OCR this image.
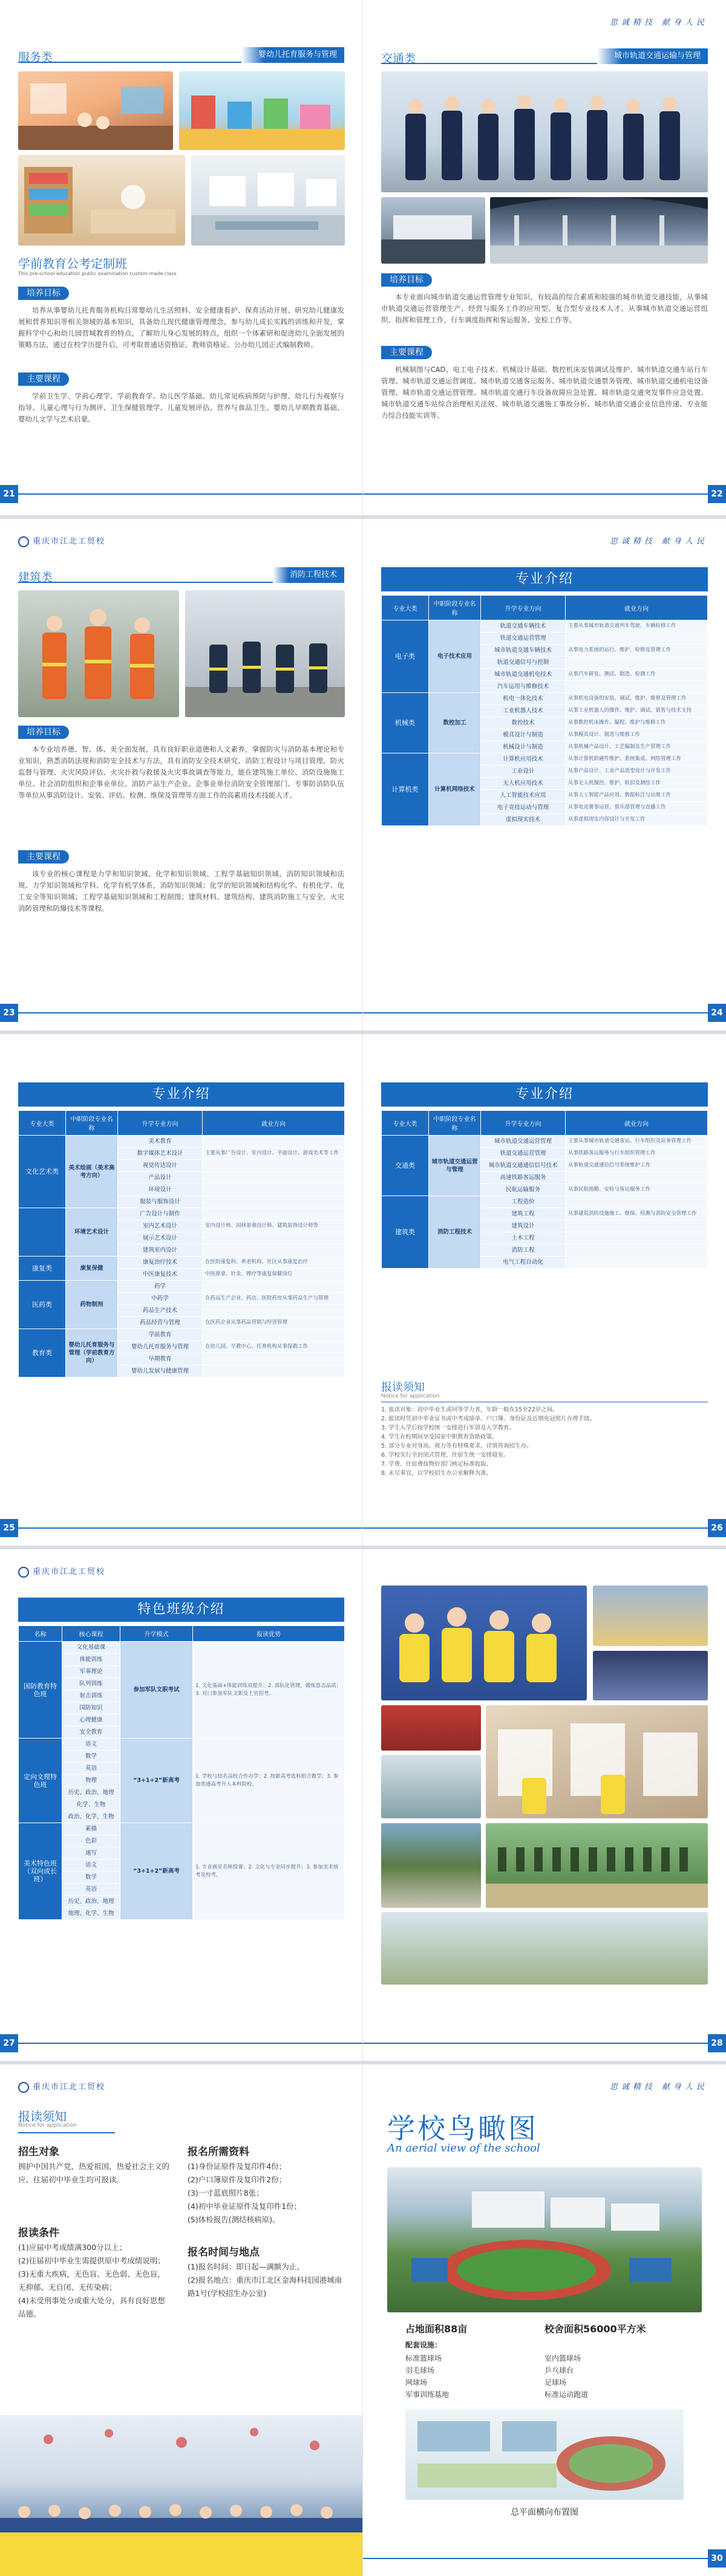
服务类	婴幼儿托育服务与管理
学前教育公考定制班
This pre-school education public examination custom-made class
培养目标
培养从事婴幼儿托育服务机构日常婴幼儿生活照料、安全健康看护、保育活动开展、研究幼儿健康发展和营养知识等相关领域的基本知识，具备幼儿现代健康管理理念，参与幼儿成长实践的训练和开发，掌握科学中心和幼儿园营城教育的特点，了解幼儿身心发展的特点，组织一个体素研和促进幼儿全面发展的策略方法，通过在校学历提升后，可考取普通话资格证、教师资格证、公办幼儿园正式编制教师。
主要课程
学前卫生学、学前心理学、学前教育学、幼儿医学基础、幼儿常见疾病预防与护理、幼儿行为观察与指导、儿童心理与行为测评、卫生保健管理学、儿童发展评估、营养与食品卫生、婴幼儿早期教育基础、婴幼儿文学与艺术启蒙。
21
思诚精技 献身人民
交通类	城市轨道交通运输与管理
培养目标
本专业面向城市轨道交通运营管理专业知识，有较高的综合素质和较强的城市轨道交通技能，从事城市轨道交通运营管理生产、经营与服务工作的应用型、复合型专业技术人才。从事城市轨道交通运营组织、指挥和管理工作，行车调度指挥和客运服务、安检工作等。
主要课程
机械制图与CAD、电工电子技术、机械设计基础、数控机床安装调试及维护、城市轨道交通车站行车管理、城市轨道交通运营调度、城市轨道交通客运服务、城市轨道交通票务管理、城市轨道交通机电设备管理、城市轨道交通运营管理、城市轨道交通行车设备故障应急处置、城市轨道交通突发事件应急处置、城市轨道交通车站综合治理相关法规、城市轨道交通施工事故分析、城市轨道交通企业信息传递、专业能力综合技能实训等。
22
重庆市江北工贸校
建筑类	消防工程技术
培养目标
本专业培养德、智、体、美全面发展，具有良好职业道德和人文素养，掌握防灾与消防基本理论和专业知识，熟悉消防法规和消防安全技术与方法，具有消防安全技术研究、消防工程设计与项目管理、防火监督与管理、火灾风险评估、火灾扑救与救援及火灾事故调查等能力，能在建筑施工单位、消防设施施工单位、社会消防组织和企事业单位、消防产品生产企业、企事业单位消防安全管理部门、专事防消防队伍等单位从事消防设计、安装、评估、检测、维保及管理等方面工作的高素质技术技能人才。
主要课程
该专业的核心课程是力学和知识领域、化学和知识领域、工程学基础知识领域、消防知识领域和法规、力学知识领域和学科、化学有机学体系，消防知识领域；化学的知识领域和结构化学、有机化学、化工安全等知识领域；工程学基础知识领域和工程制图；建筑材料、建筑结构、建筑消防施工与安全、火灾消防管理和防爆技术等课程。
23
思诚精技 献身人民
专业介绍
专业大类	中职阶段专业名称	升学专业方向	就业方向
电子类	电子技术应用	轨道交通车辆技术	主要从事城市轨道交通列车驾驶、车辆检修工作
		铁道交通运营管理	
		城市轨道交通车辆技术	从事电力系统的运行、维护、检修及管理工作
		轨道交通信号与控制	
		城市轨道交通机电技术	从事汽车研发、测试、制造、检测工作
		汽车运用与维修技术	
机械类	数控加工	机电一体化技术	从事机电设备的安装、调试、维护、维修及管理工作
		工业机器人技术	从事工业机器人的操作、维护、调试、销售与技术支持
		数控技术	从事数控机床操作、编程、维护与维修工作
		模具设计与制造	从事模具设计、制造与维修工作
		机械设计与制造	从事机械产品设计、工艺编制及生产管理工作
计算机类	计算机网络技术	计算机应用技术	从事计算机软硬件维护、系统集成、网络管理工作
		工业设计	从事产品设计、工业产品造型设计与开发工作
		无人机应用技术	从事无人机操控、维护、航拍及测绘工作
		人工智能技术应用	从事人工智能产品应用、数据标注与运维工作
		电子竞技运动与管理	从事电竞赛事运营、俱乐部管理与直播工作
		虚拟现实技术	从事虚拟现实内容设计与开发工作
24
专业介绍
专业大类	中职阶段专业名称	升学专业方向	就业方向
文化艺术类	美术绘画（美术高考方向）	美术教育	
		数字媒体艺术设计	主要从事广告设计、室内设计、平面设计、游戏美术等工作
		视觉传达设计	
		产品设计	
		环境设计	
		服装与服饰设计	
	环境艺术设计	广告设计与制作	
		室内艺术设计	室内设计师、园林景观设计师、建筑装饰设计师等
		展示艺术设计	
		建筑室内设计	
康复类	康复保健	康复治疗技术	在医院康复科、养老机构、社区从事康复治疗
		中医康复技术	中医推拿、针灸、理疗等康复保健岗位
医药类	药物制剂	药学	
		中药学	在药品生产企业、药店、医院药房从事药品生产与管理
		药品生产技术	
		药品经营与管理	在医药企业从事药品营销与经营管理
教育类	婴幼儿托育服务与管理（学前教育方向）	学前教育	
		婴幼儿托育服务与管理	在幼儿园、早教中心、托育机构从事保教工作
		早期教育	
		婴幼儿发展与健康管理	
25
专业介绍
专业大类	中职阶段专业名称	升学专业方向	就业方向
交通类	城市轨道交通运营与管理	城市轨道交通运营管理	主要从事城市轨道交通客运、行车组织及站务管理工作
		铁道交通运营管理	从事铁路客运服务与行车组织管理工作
		城市轨道交通通信信号技术	从事轨道交通通信信号系统维护工作
		高速铁路客运服务	
		民航运输服务	从事民航地勤、安检与客运服务工作
建筑类	消防工程技术	工程造价	
		建筑工程	从事建筑消防设施施工、维保、检测与消防安全管理工作
		建筑设计	
		土木工程	
		消防工程	
		电气工程自动化	
报读须知
Notice for application
1. 报读对象：初中毕业生或同等学力者，年龄一般在15至22岁之间。
2. 报读时凭初中毕业证书或中考成绩单、户口簿、身份证及近期免冠照片办理手续。
3. 学生入学后按学校统一安排进行军训及入学教育。
4. 学生在校期间享受国家中职教育资助政策。
5. 部分专业对身高、视力等有特殊要求，详情咨询招生办。
6. 学校实行全封闭式管理，住宿生统一安排寝室。
7. 学费、住宿费按物价部门核定标准收取。
8. 未尽事宜，以学校招生办公室解释为准。
26
重庆市江北工贸校
特色班级介绍
名称	核心课程	升学模式	报读优势
国防教育特色班	文化基础课	参加军队文职考试	1. 文化基础+体能训练双提升；2. 部队化管理，锻炼意志品质；3. 对口参加军队文职及士官招考。
	体能训练		
	军事理论		
	队列训练		
	射击训练		
	国防知识		
	心理健康		
	安全教育		
定向文理特色班	语文	“3+1+2”新高考	1. 学校与知名高校合作办学；2. 按新高考选科组合教学；3. 参加普通高考升入本科院校。
	数学		
	英语		
	物理		
	历史、政治、地理		
	化学、生物		
	政治、化学、生物		
美术特色班（双向成长班）	素描	“3+1+2”新高考	1. 专业画室名师授课；2. 文化与专业同步提升；3. 参加美术统考及校考。
	色彩		
	速写		
	语文		
	数学		
	英语		
	历史、政治、地理		
	地理、化学、生物		
27	28
重庆市江北工贸校
报读须知
Notice for application
招生对象
拥护中国共产党，热爱祖国，热爱社会主义的应、往届初中毕业生均可报读。
报读条件
(1)应届中考成绩满300分以上；
(2)往届初中毕业生需提供原中考成绩说明；
(3)无重大疾病，无色盲、无色弱、无色盲，无抑郁、无自闭、无传染病；
(4)未受刑事处分或重大处分，具有良好思想品德。
报名所需资料
(1)身份证原件及复印件4份；
(2)户口簿原件及复印件2份；
(3)一寸蓝底照片8张；
(4)初中毕业证原件及复印件1份；
(5)体检报告(测结核病原)。
报名时间与地点
(1)报名时间：即日起—满额为止。
(2)报名地点：重庆市江北区金海科技园港城南路1号(学校招生办公室)
思诚精技 献身人民
学校鸟瞰图
An aerial view of the school
占地面积88亩	校舍面积56000平方米
配套设施：
标准篮球场
羽毛球场
网球场
军事训练基地
室内篮球场
乒乓球台
足球场
标准运动跑道
总平面横向布置图
30
